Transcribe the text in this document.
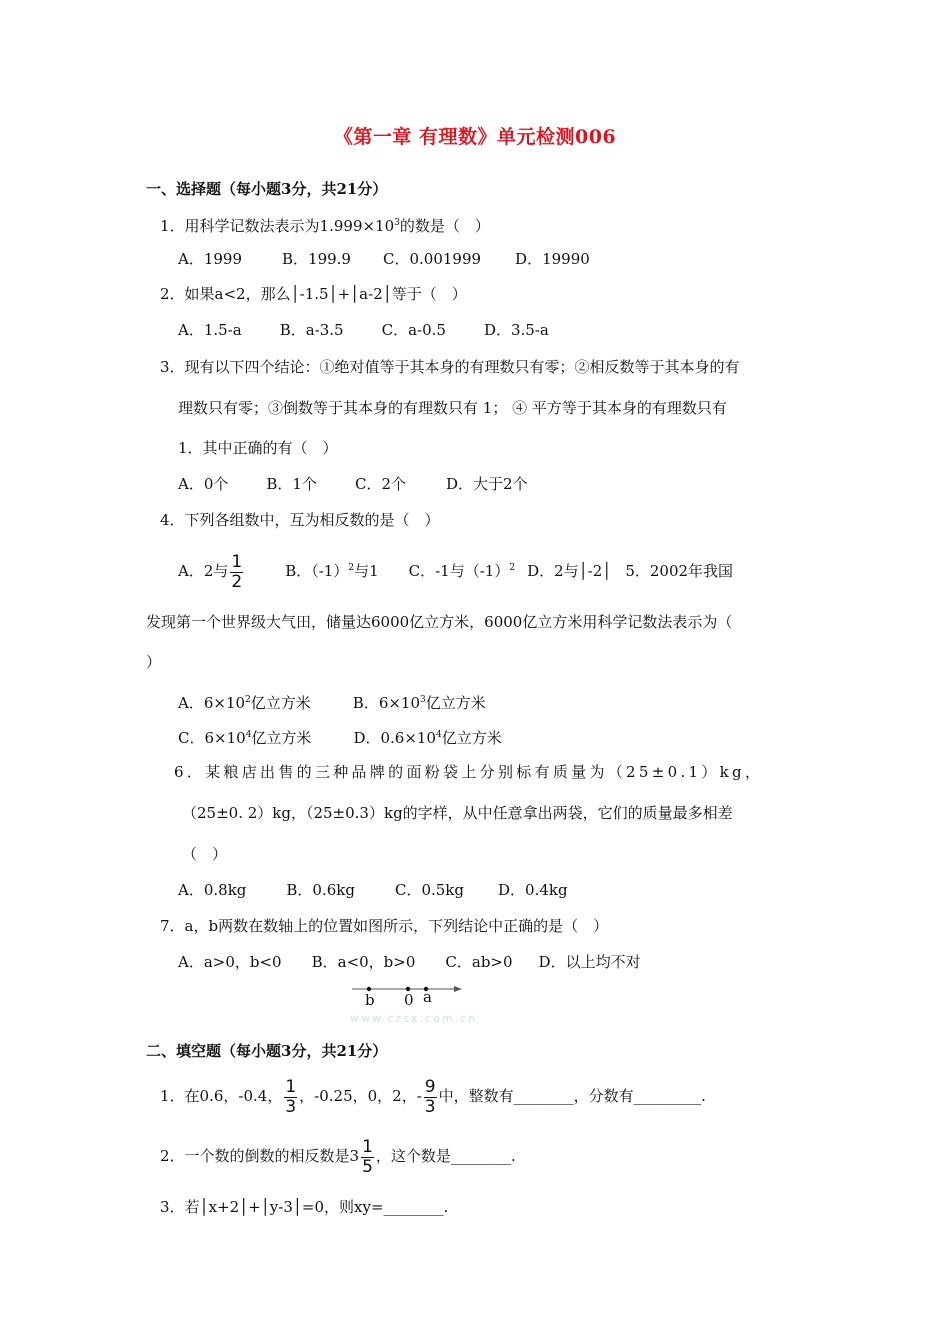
《第一章 有理数》单元检测006
一、选择题（每小题3分，共21分）
1．用科学记数法表示为$1.999\times 10^3$的数是（　）
A．1999	B．199.9 C．0.001999 D．19990
2．如果a<2，那么│-1.5│+│a-2│等于（　）
A．1.5-a	B．a-3.5	C．a-0.5	D．3.5-a
3．现有以下四个结论：①绝对值等于其本身的有理数只有零；②相反数等于其本身的有
理数只有零；③倒数等于其本身的有理数只有 1； ④ 平方等于其本身的有理数只有
1．其中正确的有（　）
A．0个	B．1个	C．2个	D．大于2个
4．下列各组数中，互为相反数的是（　）
A．2与 $\frac{1}{2}$	B．$(-1)^2$与1 C．-1与$(-1)^2$ D．2与│-2│ 5．2002年我国
发现第一个世界级大气田，储量达6000亿立方米，6000亿立方米用科学记数法表示为（
）
A．$6\times 10^2$亿立方米	B．$6\times 10^3$亿立方米
C．$6\times 10^4$亿立方米	D．$0.6\times 10^4$亿立方米
6．某粮店出售的三种品牌的面粉袋上分别标有质量为（25±0.1）kg，
（25±0. 2）kg，（25±0.3）kg的字样，从中任意拿出两袋，它们的质量最多相差
（　）
A．0.8kg	B．0.6kg	C．0.5kg D．0.4kg
7．a，b两数在数轴上的位置如图所示，下列结论中正确的是（　）
A．a>0，b<0 B．a<0，b>0 C．ab>0 D．以上均不对
b 0 a
www.czsx.com.cn
二、填空题（每小题3分，共21分）
1．在0.6，-0.4， $\frac{1}{3}$ ，-0.25，0，2，- $\frac{9}{3}$ 中，整数有________，分数有_________.
2．一个数的倒数的相反数是$3 \frac{1}{5}$ ，这个数是________.
3．若│x+2│+│y-3│=0，则xy=________.
